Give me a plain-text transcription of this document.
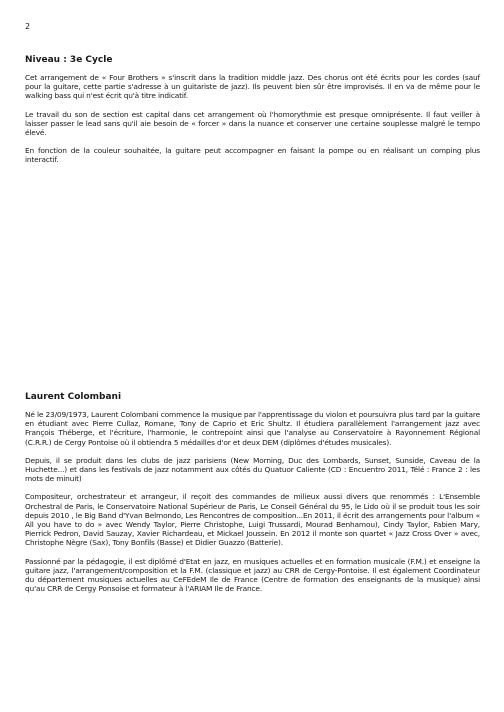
2
Niveau : 3e Cycle

Cet arrangement de « Four Brothers » s'inscrit dans la tradition middle jazz. Des chorus ont été écrits pour les cordes (sauf pour la guitare, cette partie s'adresse à un guitariste de jazz). Ils peuvent bien sûr être improvisés. Il en va de même pour le walking bass qui n'est écrit qu'à titre indicatif.

Le travail du son de section est capital dans cet arrangement où l'homorythmie est presque omniprésente. Il faut veiller à laisser passer le lead sans qu'il aie besoin de « forcer » dans la nuance et conserver une certaine souplesse malgré le tempo élevé.

En fonction de la couleur souhaitée, la guitare peut accompagner en faisant la pompe ou en réalisant un comping plus interactif.

Laurent Colombani

Né le 23/09/1973, Laurent Colombani commence la musique par l'apprentissage du violon et poursuivra plus tard par la guitare en étudiant avec Pierre Cullaz, Romane, Tony de Caprio et Eric Shultz. Il étudiera parallèlement l'arrangement jazz avec François Théberge, et l'écriture, l'harmonie, le contrepoint ainsi que l'analyse au Conservatoire à Rayonnement Régional (C.R.R.) de Cergy Pontoise où il obtiendra 5 médailles d'or et deux DEM (diplômes d'études musicales).

Depuis, il se produit dans les clubs de jazz parisiens (New Morning, Duc des Lombards, Sunset, Sunside, Caveau de la Huchette...) et dans les festivals de jazz notamment aux côtés du Quatuor Caliente (CD : Encuentro 2011, Télé : France 2 : les mots de minuit)

Compositeur, orchestrateur et arrangeur, il reçoit des commandes de milieux aussi divers que renommés : L'Ensemble Orchestral de Paris, le Conservatoire National Supérieur de Paris, Le Conseil Général du 95, le Lido où il se produit tous les soir depuis 2010 , le Big Band d'Yvan Belmondo, Les Rencontres de composition...En 2011, il écrit des arrangements pour l'album « All you have to do » avec Wendy Taylor, Pierre Christophe, Luigi Trussardi, Mourad Benhamou), Cindy Taylor, Fabien Mary, Pierrick Pedron, David Sauzay, Xavier Richardeau, et Mickael Joussein. En 2012 il monte son quartet « Jazz Cross Over » avec, Christophe Nègre (Sax), Tony Bonfils (Basse) et Didier Guazzo (Batterie).

Passionné par la pédagogie, il est diplômé d'Etat en jazz, en musiques actuelles et en formation musicale (F.M.) et enseigne la guitare jazz, l'arrangement/composition et la F.M. (classique et jazz) au CRR de Cergy-Pontoise. Il est également Coordinateur du département musiques actuelles au CeFEdeM Ile de France (Centre de formation des enseignants de la musique) ainsi qu'au CRR de Cergy Ponsoise et formateur à l'ARIAM Ile de France.
